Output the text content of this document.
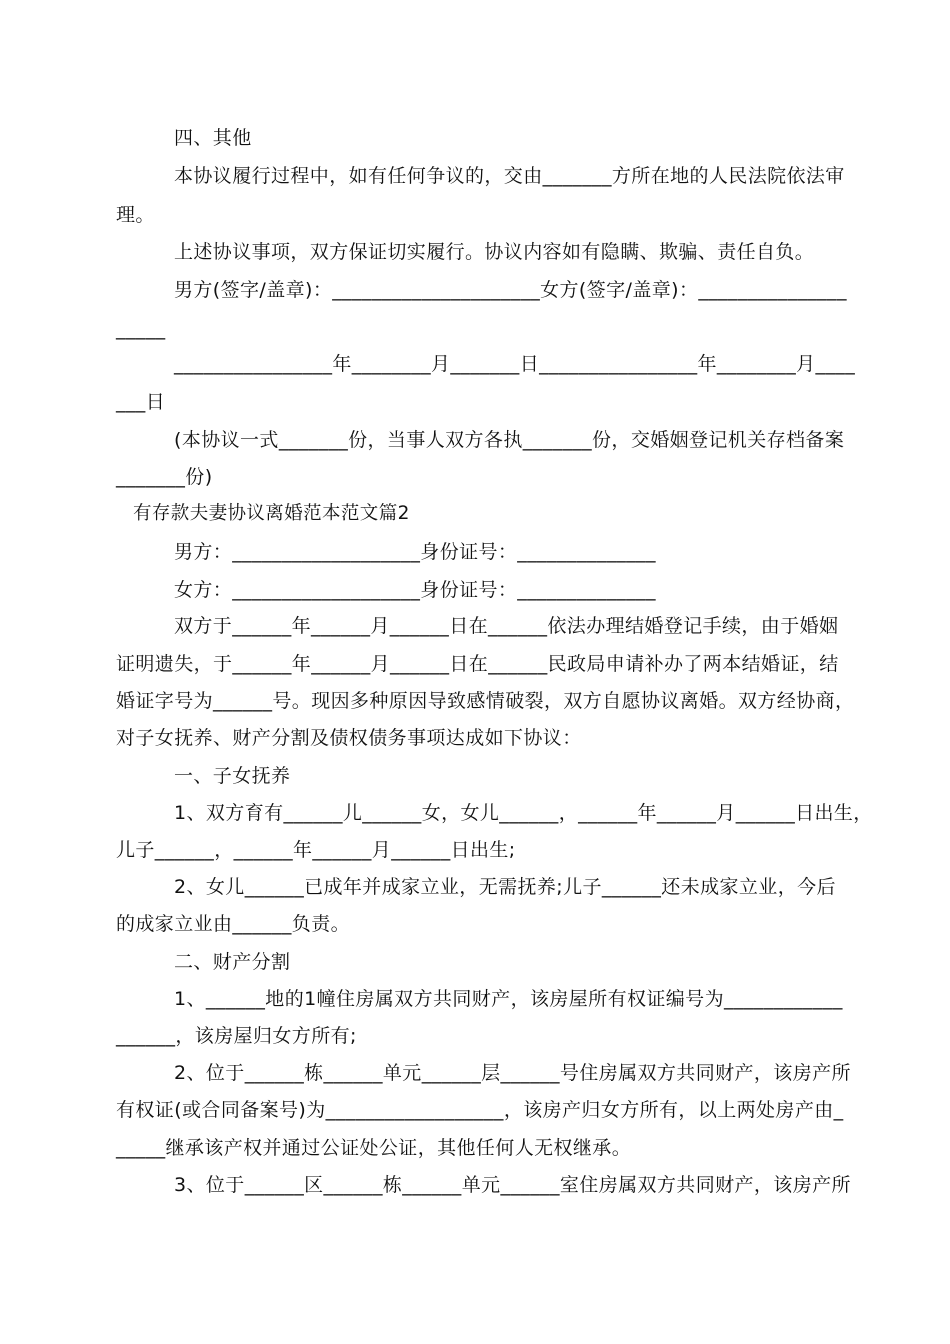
四、其他
本协议履行过程中，如有任何争议的，交由_______方所在地的人民法院依法审
理。
上述协议事项，双方保证切实履行。协议内容如有隐瞒、欺骗、责任自负。
男方(签字/盖章)：_____________________女方(签字/盖章)：_______________
_____
________________年________月_______日________________年________月____
___日
(本协议一式_______份，当事人双方各执_______份，交婚姻登记机关存档备案
_______份)
有存款夫妻协议离婚范本范文篇2
男方：___________________身份证号：______________
女方：___________________身份证号：______________
双方于______年______月______日在______依法办理结婚登记手续，由于婚姻
证明遗失，于______年______月______日在______民政局申请补办了两本结婚证，结
婚证字号为______号。现因多种原因导致感情破裂，双方自愿协议离婚。双方经协商，
对子女抚养、财产分割及债权债务事项达成如下协议：
一、子女抚养
1、双方育有______儿______女，女儿______，______年______月______日出生，
儿子______，______年______月______日出生;
2、女儿______已成年并成家立业，无需抚养;儿子______还未成家立业，今后
的成家立业由______负责。
二、财产分割
1、______地的1幢住房属双方共同财产，该房屋所有权证编号为____________
______，该房屋归女方所有;
2、位于______栋______单元______层______号住房属双方共同财产，该房产所
有权证(或合同备案号)为__________________，该房产归女方所有，以上两处房产由_
_____继承该产权并通过公证处公证，其他任何人无权继承。
3、位于______区______栋______单元______室住房属双方共同财产，该房产所
